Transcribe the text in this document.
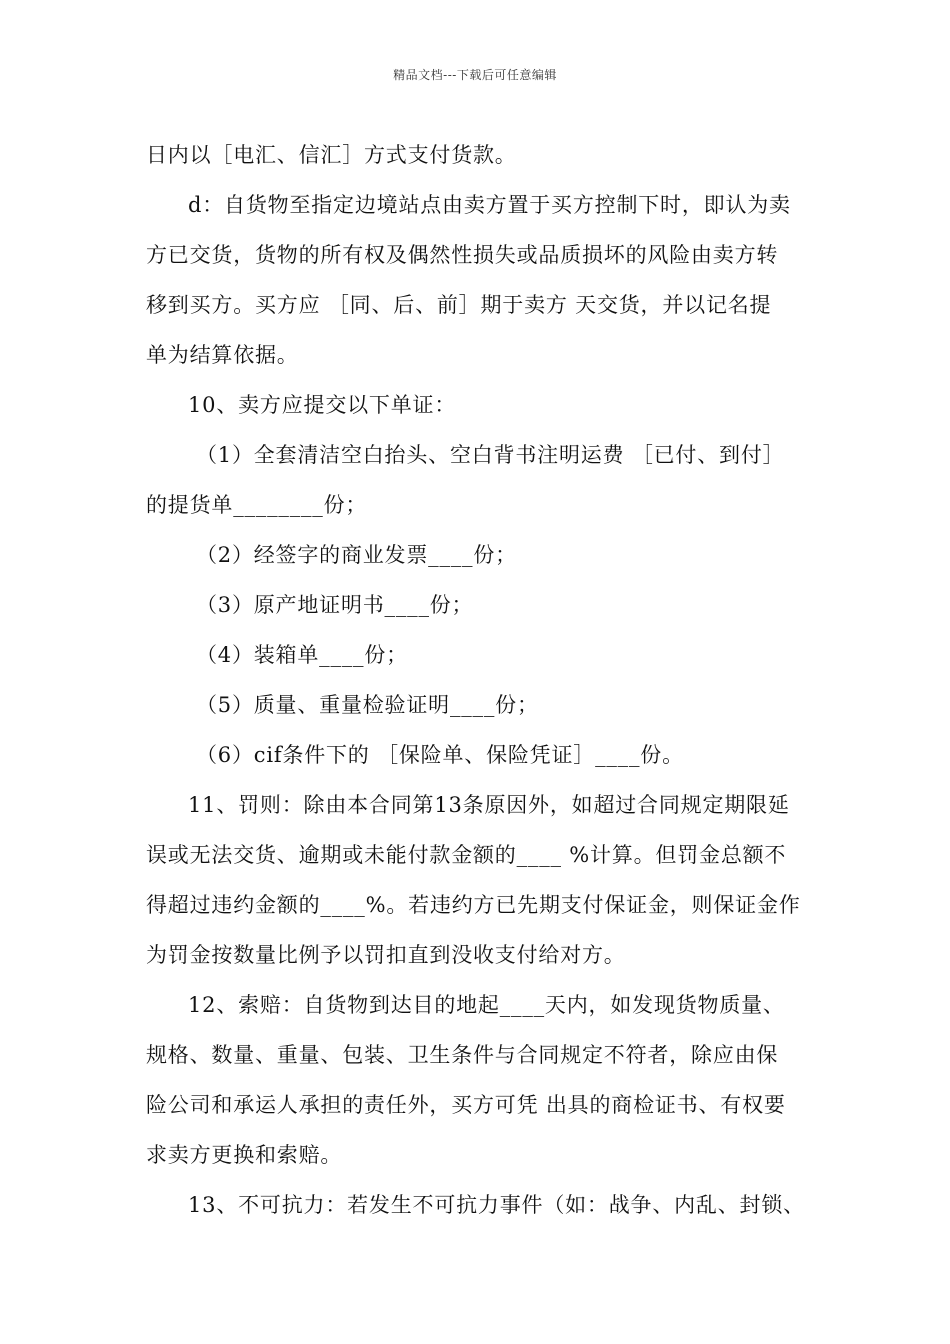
精品文档---下载后可任意编辑
日内以［电汇、信汇］方式支付货款。
d：自货物至指定边境站点由卖方置于买方控制下时，即认为卖
方已交货，货物的所有权及偶然性损失或品质损坏的风险由卖方转
移到买方。买方应 ［同、后、前］期于卖方 天交货，并以记名提
单为结算依据。
10、卖方应提交以下单证：
（1）全套清洁空白抬头、空白背书注明运费 ［已付、到付］
的提货单________份；
（2）经签字的商业发票____份；
（3）原产地证明书____份；
（4）装箱单____份；
（5）质量、重量检验证明____份；
（6）cif条件下的 ［保险单、保险凭证］____份。
11、罚则：除由本合同第13条原因外，如超过合同规定期限延
误或无法交货、逾期或未能付款金额的____ %计算。但罚金总额不
得超过违约金额的____%。若违约方已先期支付保证金，则保证金作
为罚金按数量比例予以罚扣直到没收支付给对方。
12、索赔：自货物到达目的地起____天内，如发现货物质量、
规格、数量、重量、包装、卫生条件与合同规定不符者，除应由保
险公司和承运人承担的责任外，买方可凭 出具的商检证书、有权要
求卖方更换和索赔。
13、不可抗力：若发生不可抗力事件（如：战争、内乱、封锁、
